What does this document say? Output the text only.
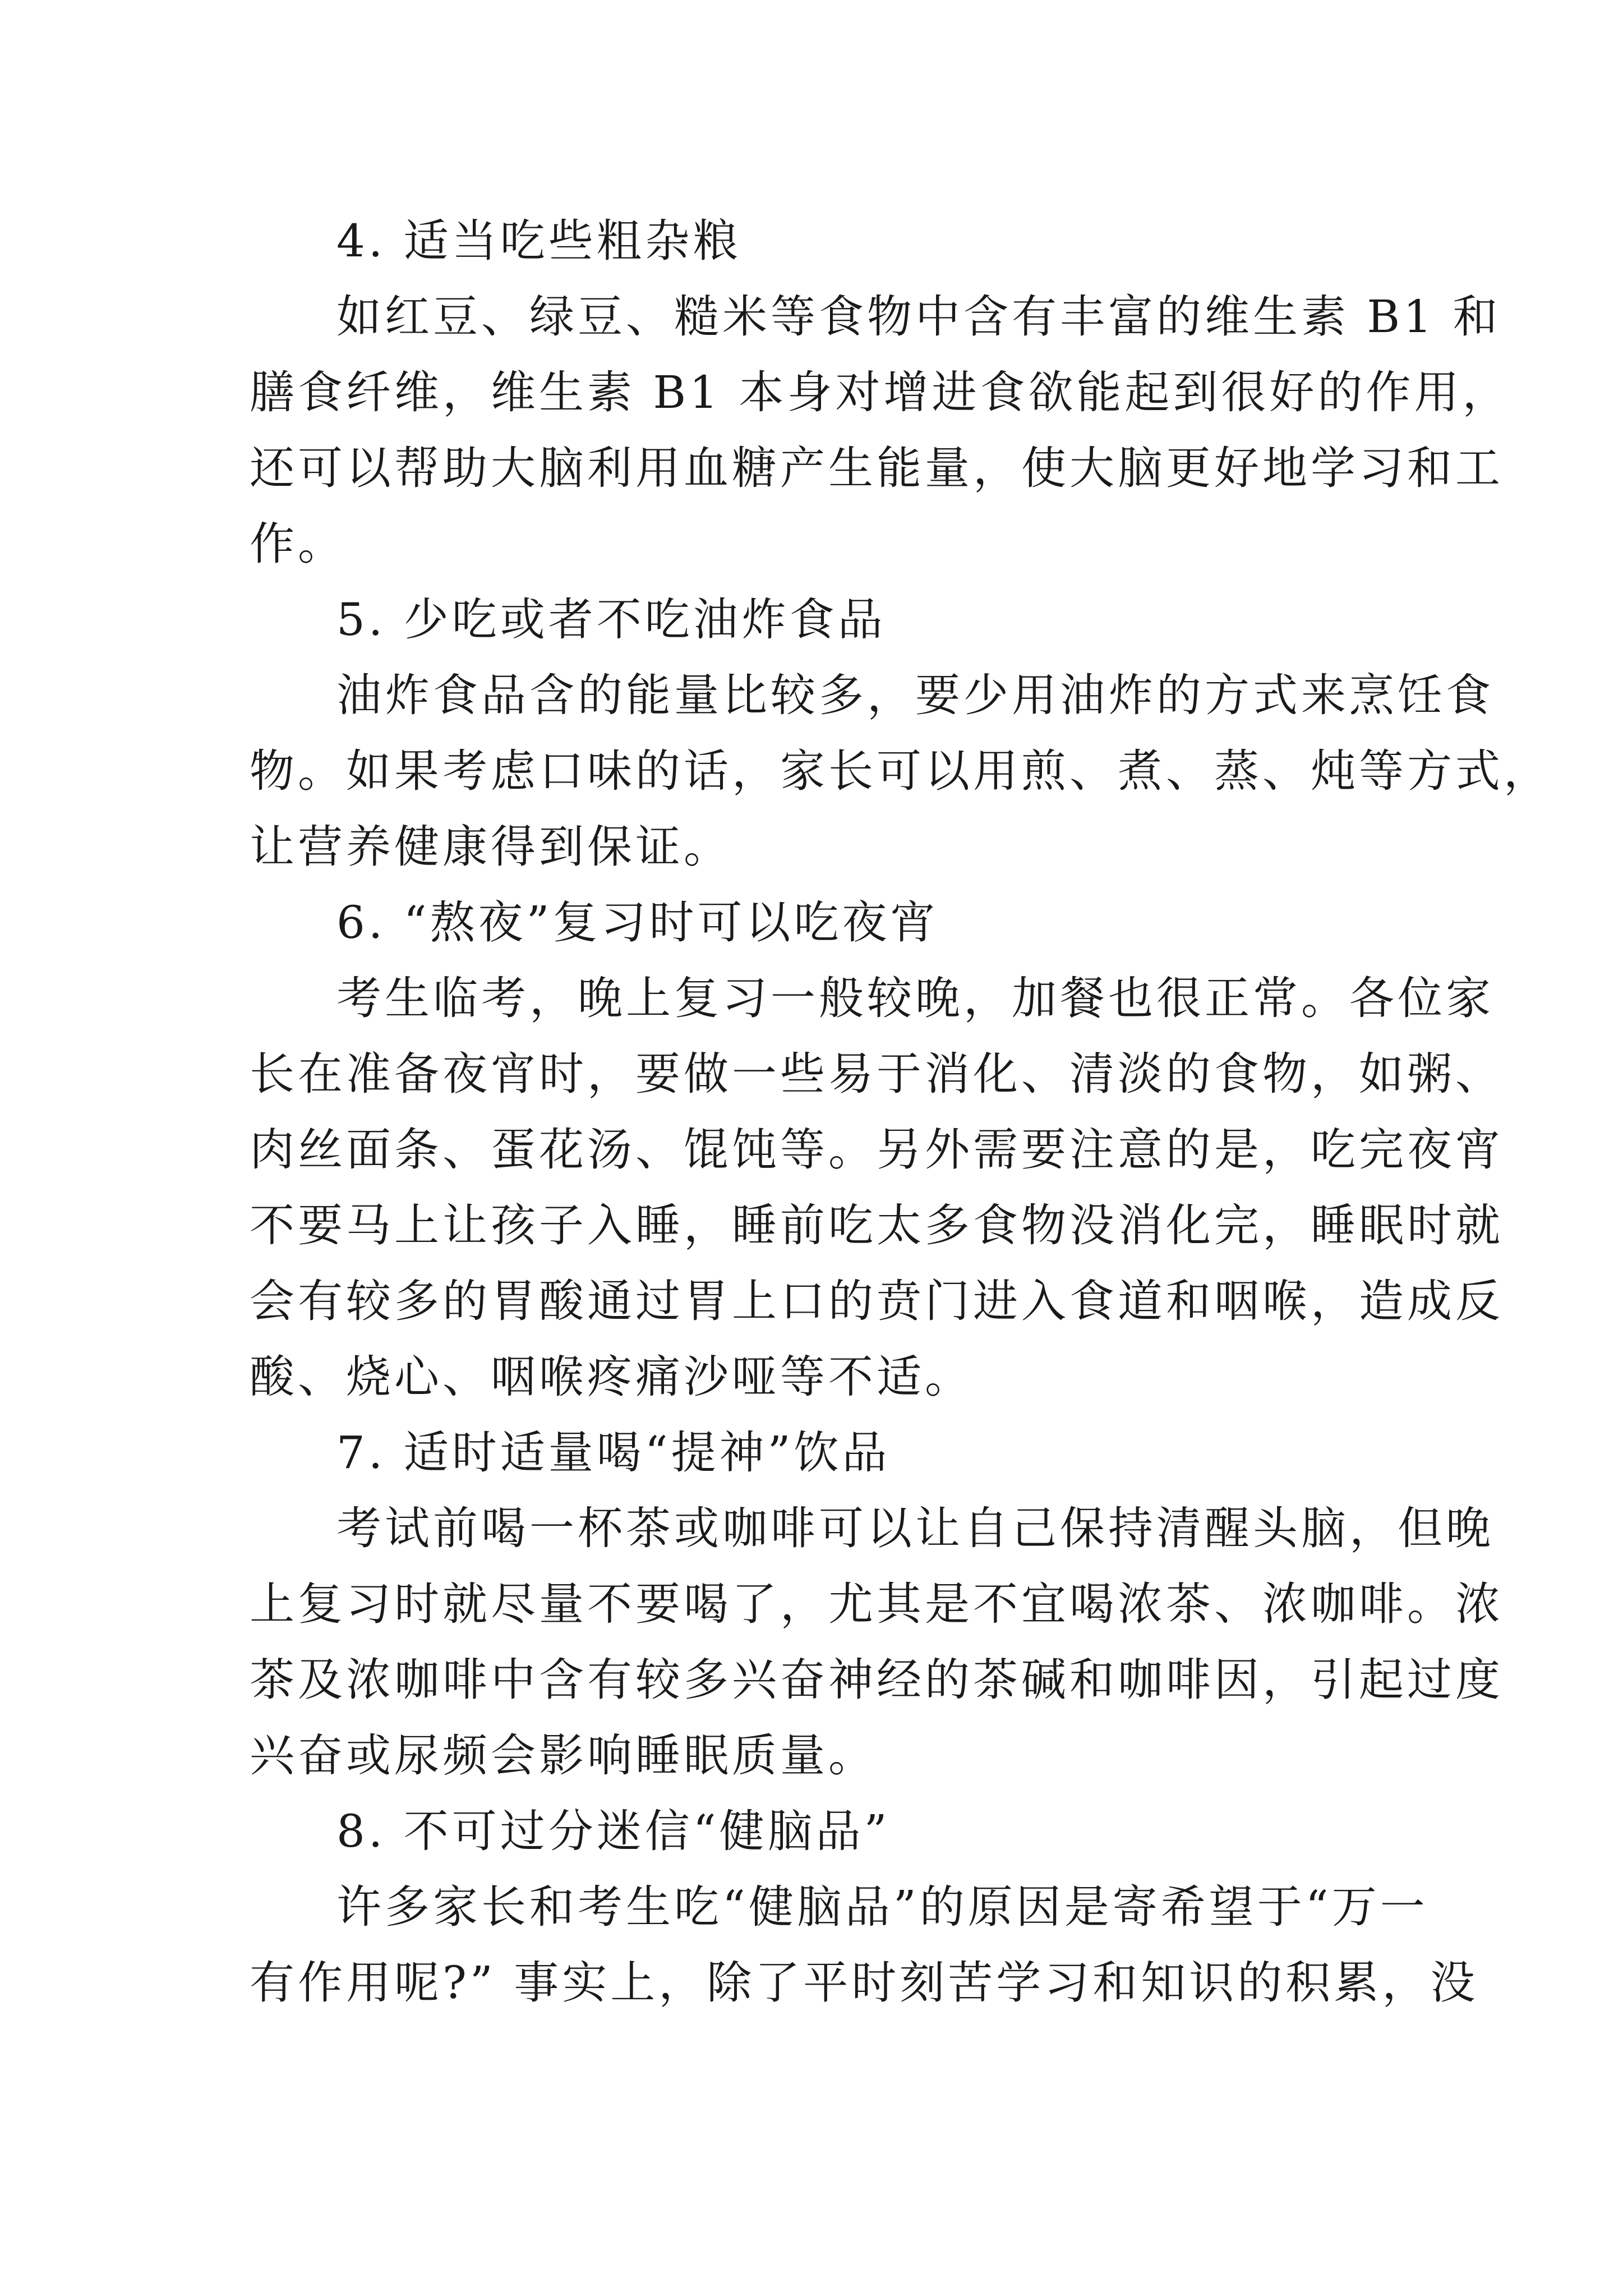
4. 适当吃些粗杂粮
如红豆、绿豆、糙米等食物中含有丰富的维生素 B1 和
膳食纤维，维生素 B1 本身对增进食欲能起到很好的作用，
还可以帮助大脑利用血糖产生能量，使大脑更好地学习和工
作。
5. 少吃或者不吃油炸食品
油炸食品含的能量比较多，要少用油炸的方式来烹饪食
物。如果考虑口味的话，家长可以用煎、煮、蒸、炖等方式，
让营养健康得到保证。
6. “熬夜”复习时可以吃夜宵
考生临考，晚上复习一般较晚，加餐也很正常。各位家
长在准备夜宵时，要做一些易于消化、清淡的食物，如粥、
肉丝面条、蛋花汤、馄饨等。另外需要注意的是，吃完夜宵
不要马上让孩子入睡，睡前吃太多食物没消化完，睡眠时就
会有较多的胃酸通过胃上口的贲门进入食道和咽喉，造成反
酸、烧心、咽喉疼痛沙哑等不适。
7. 适时适量喝“提神”饮品
考试前喝一杯茶或咖啡可以让自己保持清醒头脑，但晚
上复习时就尽量不要喝了，尤其是不宜喝浓茶、浓咖啡。浓
茶及浓咖啡中含有较多兴奋神经的茶碱和咖啡因，引起过度
兴奋或尿频会影响睡眠质量。
8. 不可过分迷信“健脑品”
许多家长和考生吃“健脑品”的原因是寄希望于“万一
有作用呢?” 事实上，除了平时刻苦学习和知识的积累，没
